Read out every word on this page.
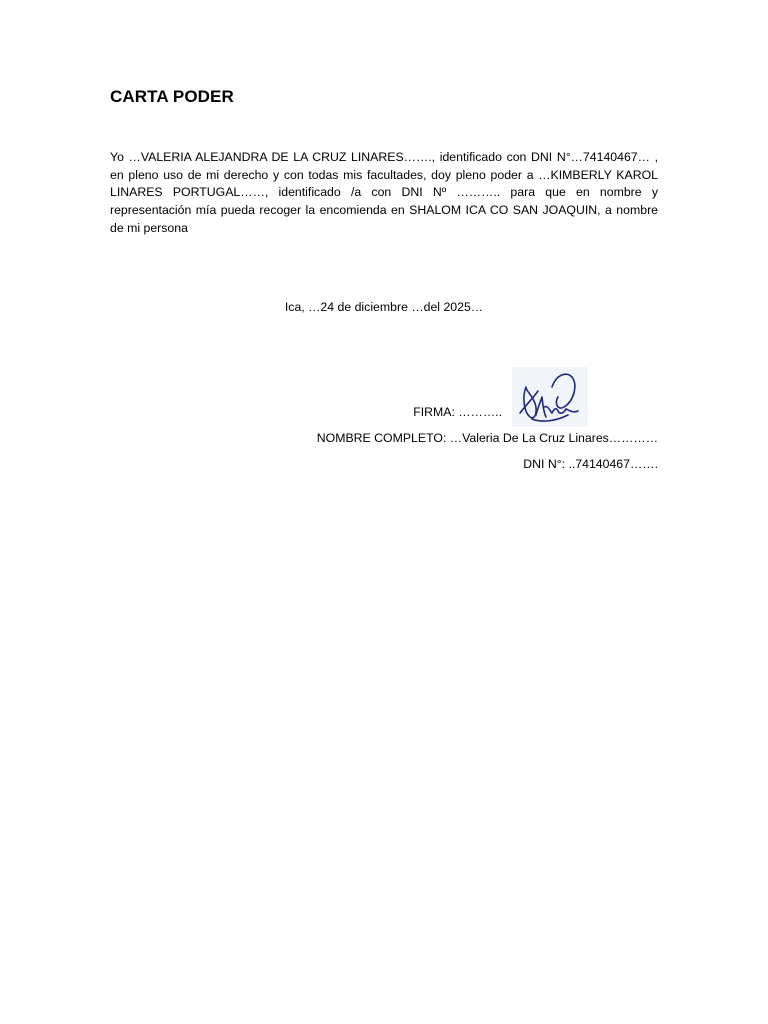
CARTA PODER
Yo …VALERIA ALEJANDRA DE LA CRUZ LINARES……., identificado con DNI N°…74140467… , en pleno uso de mi derecho y con todas mis facultades, doy pleno poder a …KIMBERLY KAROL LINARES PORTUGAL……, identificado /a con DNI Nº ……….. para que en nombre y representación mía pueda recoger la encomienda en SHALOM ICA CO SAN JOAQUIN, a nombre de mi persona
Ica, …24 de diciembre …del 2025…
FIRMA: ………..
NOMBRE COMPLETO: …Valeria De La Cruz Linares…………
DNI N°: ..74140467…….
